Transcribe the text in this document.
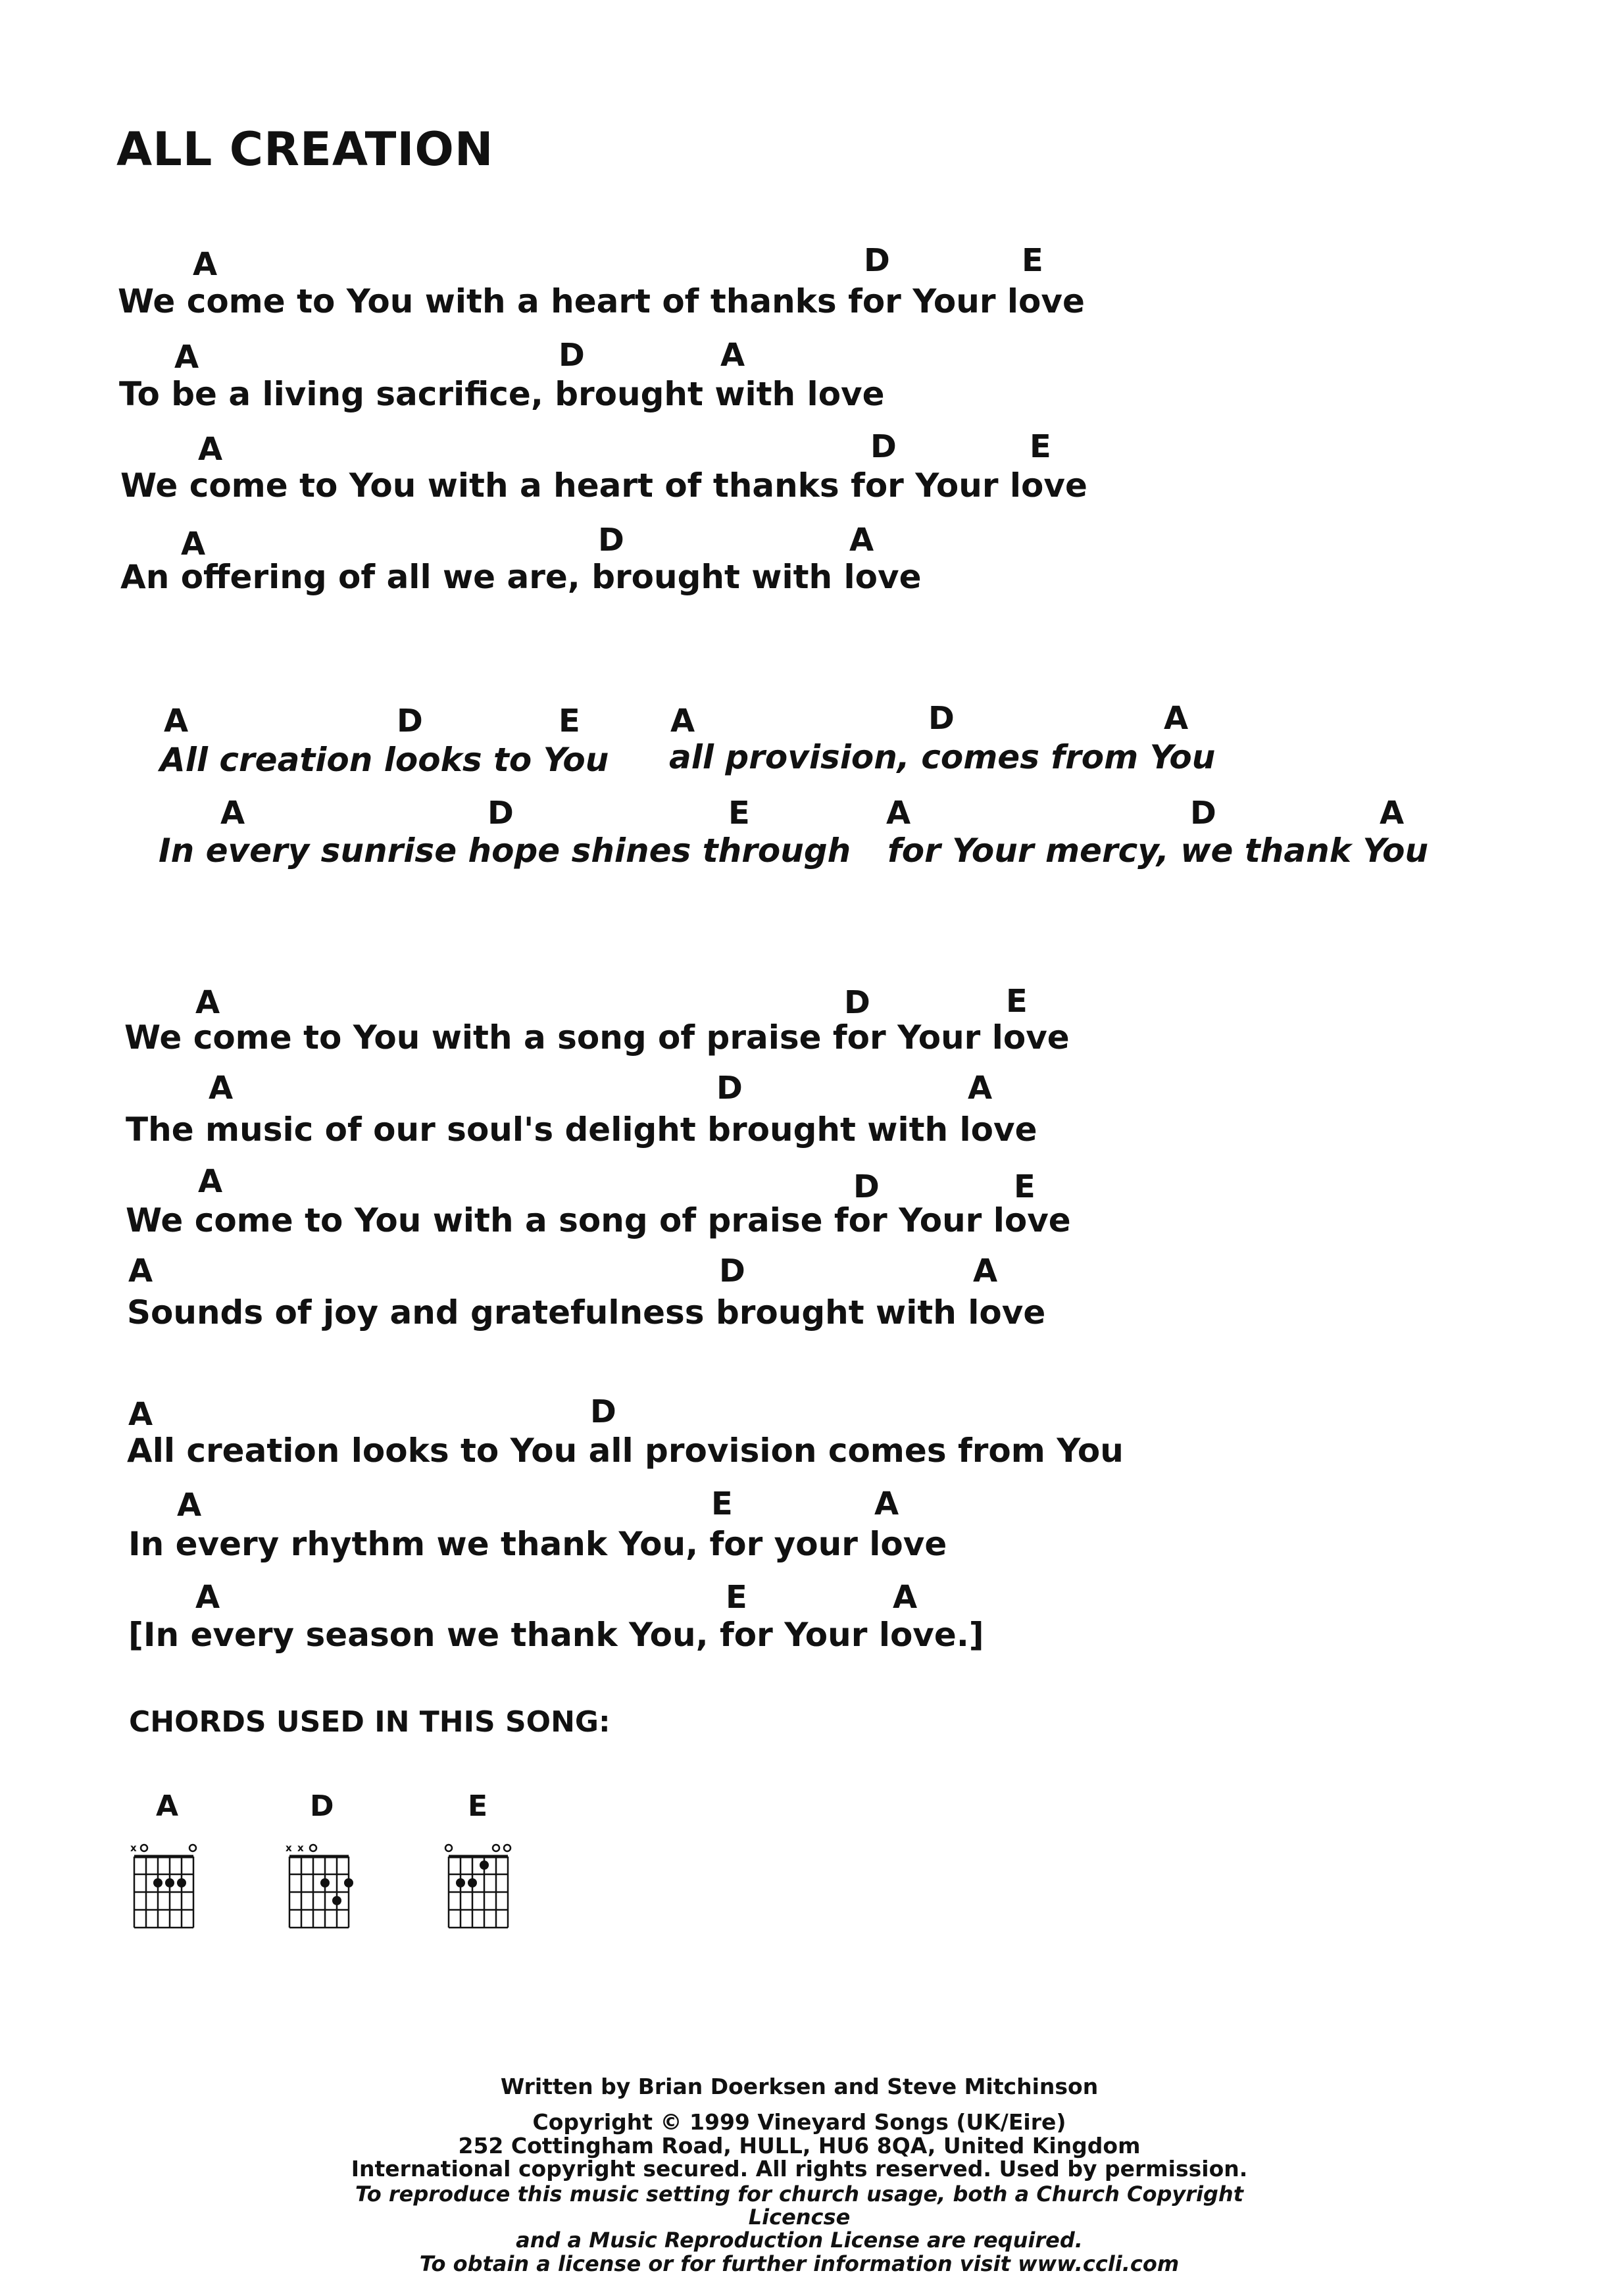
ALL CREATION
A	D	E
We come to You with a heart of thanks for Your love
A	D	A
To be a living sacrifice, brought with love
A	D	E
We come to You with a heart of thanks for Your love
A	D	A
An offering of all we are, brought with love
A	D	E	A	D	A
All creation looks to You all provision, comes from You
A	D	E	A	D	A
In every sunrise hope shines through for Your mercy, we thank You
A	D	E
We come to You with a song of praise for Your love
A	D	A
The music of our soul's delight brought with love
A	D	E
We come to You with a song of praise for Your love
A	D	A
Sounds of joy and gratefulness brought with love
A	D
All creation looks to You all provision comes from You
A	E	A
In every rhythm we thank You, for your love
A	E	A
[In every season we thank You, for Your love.]
CHORDS USED IN THIS SONG:
A	D	E
x	x x
Written by Brian Doerksen and Steve Mitchinson
Copyright © 1999 Vineyard Songs (UK/Eire)
252 Cottingham Road, HULL, HU6 8QA, United Kingdom
International copyright secured. All rights reserved. Used by permission.
To reproduce this music setting for church usage, both a Church Copyright Licencse
and a Music Reproduction License are required.
To obtain a license or for further information visit www.ccli.com
